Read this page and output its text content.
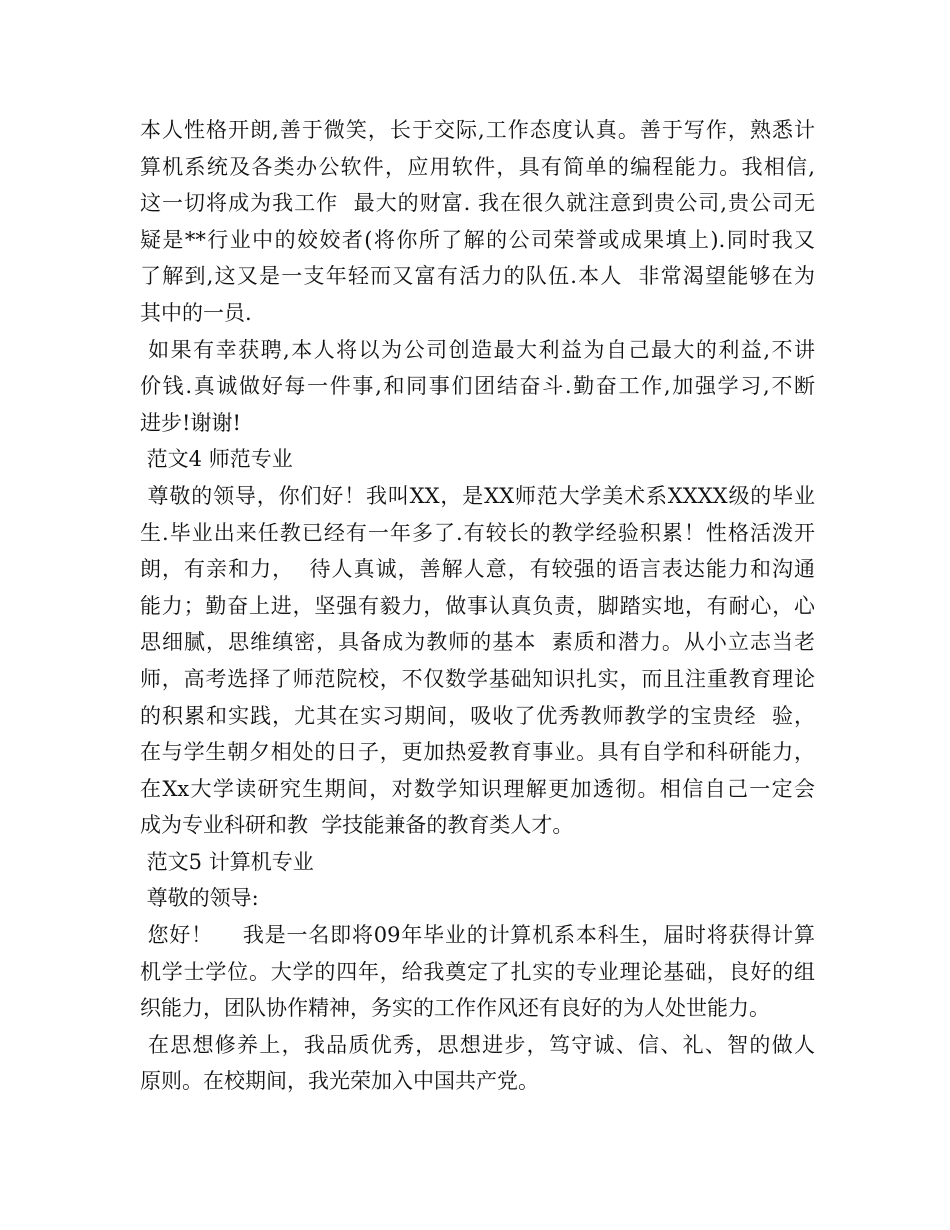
本人性格开朗,善于微笑，长于交际,工作态度认真。善于写作，熟悉计
算机系统及各类办公软件，应用软件，具有简单的编程能力。我相信,
这一切将成为我工作  最大的财富. 我在很久就注意到贵公司,贵公司无
疑是**行业中的姣姣者(将你所了解的公司荣誉或成果填上).同时我又
了解到,这又是一支年轻而又富有活力的队伍.本人  非常渴望能够在为
其中的一员.
如果有幸获聘,本人将以为公司创造最大利益为自己最大的利益,不讲
价钱.真诚做好每一件事,和同事们团结奋斗.勤奋工作,加强学习,不断
进步!谢谢!
范文4 师范专业
尊敬的领导，你们好！我叫XX，是XX师范大学美术系XXXX级的毕业
生.毕业出来任教已经有一年多了.有较长的教学经验积累！性格活泼开
朗，有亲和力，  待人真诚，善解人意，有较强的语言表达能力和沟通
能力；勤奋上进，坚强有毅力，做事认真负责，脚踏实地，有耐心，心
思细腻，思维缜密，具备成为教师的基本  素质和潜力。从小立志当老
师，高考选择了师范院校，不仅数学基础知识扎实，而且注重教育理论
的积累和实践，尤其在实习期间，吸收了优秀教师教学的宝贵经  验，
在与学生朝夕相处的日子，更加热爱教育事业。具有自学和科研能力，
在Xx大学读研究生期间，对数学知识理解更加透彻。相信自己一定会
成为专业科研和教  学技能兼备的教育类人才。
范文5 计算机专业
尊敬的领导:
您好！    我是一名即将09年毕业的计算机系本科生，届时将获得计算
机学士学位。大学的四年，给我奠定了扎实的专业理论基础，良好的组
织能力，团队协作精神，务实的工作作风还有良好的为人处世能力。
在思想修养上，我品质优秀，思想进步，笃守诚、信、礼、智的做人
原则。在校期间，我光荣加入中国共产党。
